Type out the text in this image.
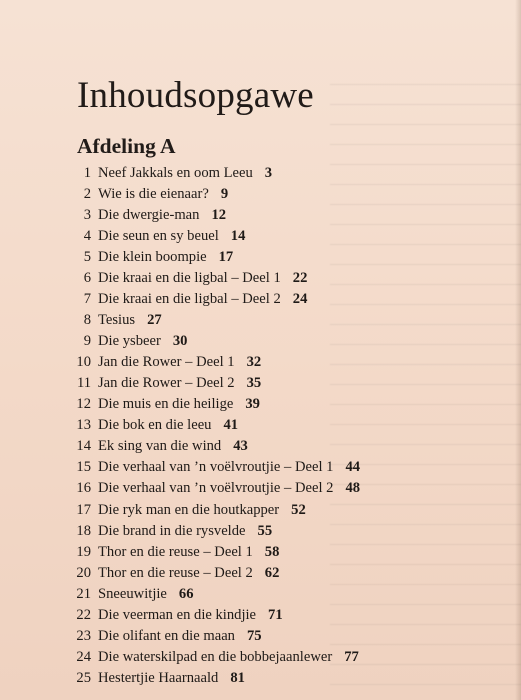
Inhoudsopgawe
Afdeling A
1 Neef Jakkals en oom Leeu 3
2 Wie is die eienaar? 9
3 Die dwergie-man 12
4 Die seun en sy beuel 14
5 Die klein boompie 17
6 Die kraai en die ligbal – Deel 1 22
7 Die kraai en die ligbal – Deel 2 24
8 Tesius 27
9 Die ysbeer 30
10 Jan die Rower – Deel 1 32
11 Jan die Rower – Deel 2 35
12 Die muis en die heilige 39
13 Die bok en die leeu 41
14 Ek sing van die wind 43
15 Die verhaal van ’n voëlvroutjie – Deel 1 44
16 Die verhaal van ’n voëlvroutjie – Deel 2 48
17 Die ryk man en die houtkapper 52
18 Die brand in die rysvelde 55
19 Thor en die reuse – Deel 1 58
20 Thor en die reuse – Deel 2 62
21 Sneeuwitjie 66
22 Die veerman en die kindjie 71
23 Die olifant en die maan 75
24 Die waterskilpad en die bobbejaanlewer 77
25 Hestertjie Haarnaald 81
